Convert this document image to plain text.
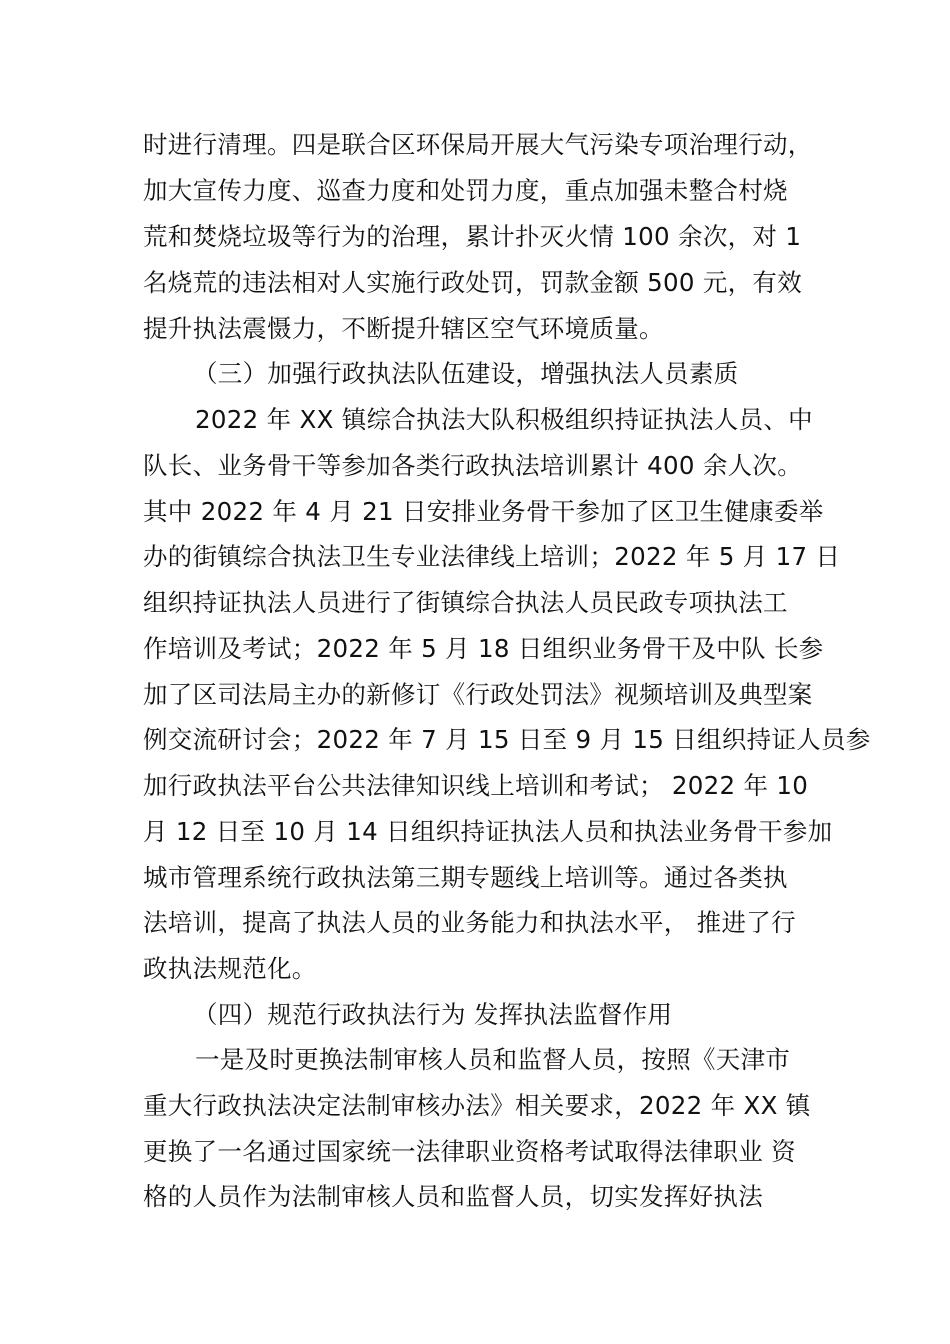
时进行清理。四是联合区环保局开展大气污染专项治理行动，
加大宣传力度、巡查力度和处罚力度，重点加强未整合村烧
荒和焚烧垃圾等行为的治理，累计扑灭火情 100 余次，对 1
名烧荒的违法相对人实施行政处罚，罚款金额 500 元，有效
提升执法震慑力，不断提升辖区空气环境质量。
（三）加强行政执法队伍建设，增强执法人员素质
2022 年 XX 镇综合执法大队积极组织持证执法人员、中
队长、业务骨干等参加各类行政执法培训累计 400 余人次。
其中 2022 年 4 月 21 日安排业务骨干参加了区卫生健康委举
办的街镇综合执法卫生专业法律线上培训；2022 年 5 月 17 日
组织持证执法人员进行了街镇综合执法人员民政专项执法工
作培训及考试；2022 年 5 月 18 日组织业务骨干及中队 长参
加了区司法局主办的新修订《行政处罚法》视频培训及典型案
例交流研讨会；2022 年 7 月 15 日至 9 月 15 日组织持证人员参
加行政执法平台公共法律知识线上培训和考试； 2022 年 10
月 12 日至 10 月 14 日组织持证执法人员和执法业务骨干参加
城市管理系统行政执法第三期专题线上培训等。通过各类执
法培训，提高了执法人员的业务能力和执法水平， 推进了行
政执法规范化。
（四）规范行政执法行为 发挥执法监督作用
一是及时更换法制审核人员和监督人员，按照《天津市
重大行政执法决定法制审核办法》相关要求，2022 年 XX 镇
更换了一名通过国家统一法律职业资格考试取得法律职业 资
格的人员作为法制审核人员和监督人员，切实发挥好执法
